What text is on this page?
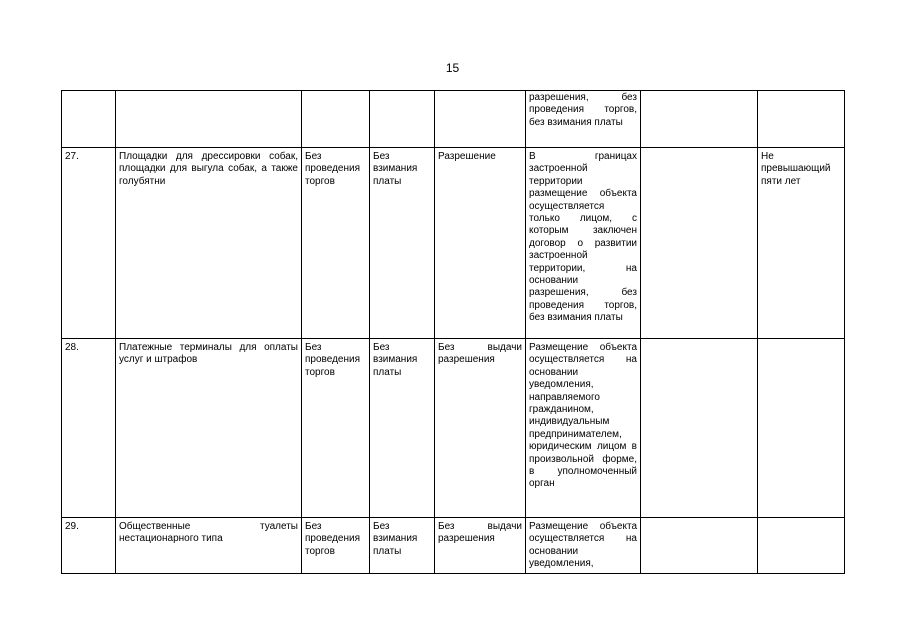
15
					разрешения, без проведения торгов, без взимания платы		
27.	Площадки для дрессировки собак, площадки для выгула собак, а также голубятни	Без проведения торгов	Без взимания платы	Разрешение	В границах застроенной территории размещение объекта осуществляется только лицом, с которым заключен договор о развитии застроенной территории, на основании разрешения, без проведения торгов, без взимания платы		Не превышающий пяти лет
28.	Платежные терминалы для оплаты услуг и штрафов	Без проведения торгов	Без взимания платы	Без выдачи разрешения	Размещение объекта осуществляется на основании уведомления, направляемого гражданином, индивидуальным предпринимателем, юридическим лицом в произвольной форме, в уполномоченный орган		
29.	Общественные туалеты нестационарного типа	Без проведения торгов	Без взимания платы	Без выдачи разрешения	Размещение объекта осуществляется на основании уведомления,		
